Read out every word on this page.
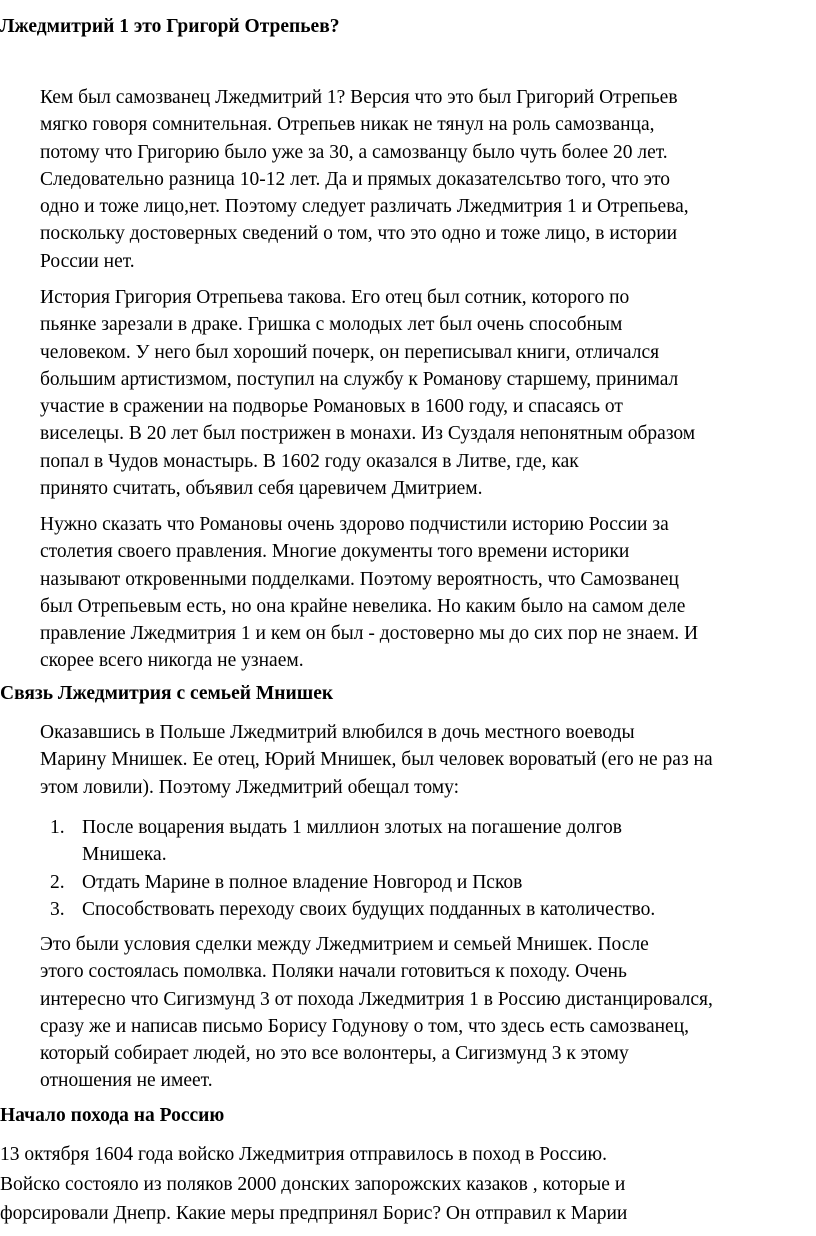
Лжедмитрий 1 это Григорй Отрепьев?

Кем был самозванец Лжедмитрий 1? Версия что это был Григорий Отрепьев
мягко говоря сомнительная. Отрепьев никак не тянул на роль самозванца,
потому что Григорию было уже за 30, а самозванцу было чуть более 20 лет.
Следовательно разница 10-12 лет. Да и прямых доказателсьтво того, что это
одно и тоже лицо,нет. Поэтому следует различать Лжедмитрия 1 и Отрепьева,
поскольку достоверных сведений о том, что это одно и тоже лицо, в истории
России нет.

История Григория Отрепьева такова. Его отец был сотник, которого по
пьянке зарезали в драке. Гришка с молодых лет был очень способным
человеком. У него был хороший почерк, он переписывал книги, отличался
большим артистизмом, поступил на службу к Романову старшему, принимал
участие в сражении на подворье Романовых в 1600 году, и спасаясь от
виселецы. В 20 лет был пострижен в монахи. Из Суздаля непонятным образом
попал в Чудов монастырь. В 1602 году оказался в Литве, где, как
принято считать, объявил себя царевичем Дмитрием.

Нужно сказать что Романовы очень здорово подчистили историю России за
столетия своего правления. Многие документы того времени историки
называют откровенными подделками. Поэтому вероятность, что Самозванец
был Отрепьевым есть, но она крайне невелика. Но каким было на самом деле
правление Лжедмитрия 1 и кем он был - достоверно мы до сих пор не знаем. И
скорее всего никогда не узнаем.

Связь Лжедмитрия с семьей Мнишек

Оказавшись в Польше Лжедмитрий влюбился в дочь местного воеводы
Марину Мнишек. Ее отец, Юрий Мнишек, был человек вороватый (его не раз на
этом ловили). Поэтому Лжедмитрий обещал тому:

1. После воцарения выдать 1 миллион злотых на погашение долгов
Мнишека.
2. Отдать Марине в полное владение Новгород и Псков
3. Способствовать переходу своих будущих подданных в католичество.

Это были условия сделки между Лжедмитрием и семьей Мнишек. После
этого состоялась помолвка. Поляки начали готовиться к походу. Очень
интересно что Сигизмунд 3 от похода Лжедмитрия 1 в Россию дистанцировался,
сразу же и написав письмо Борису Годунову о том, что здесь есть самозванец,
который собирает людей, но это все волонтеры, а Сигизмунд 3 к этому
отношения не имеет.

Начало похода на Россию

13 октября 1604 года войско Лжедмитрия отправилось в поход в Россию.
Войско состояло из поляков 2000 донских запорожских казаков , которые и
форсировали Днепр. Какие меры предпринял Борис? Он отправил к Марии
